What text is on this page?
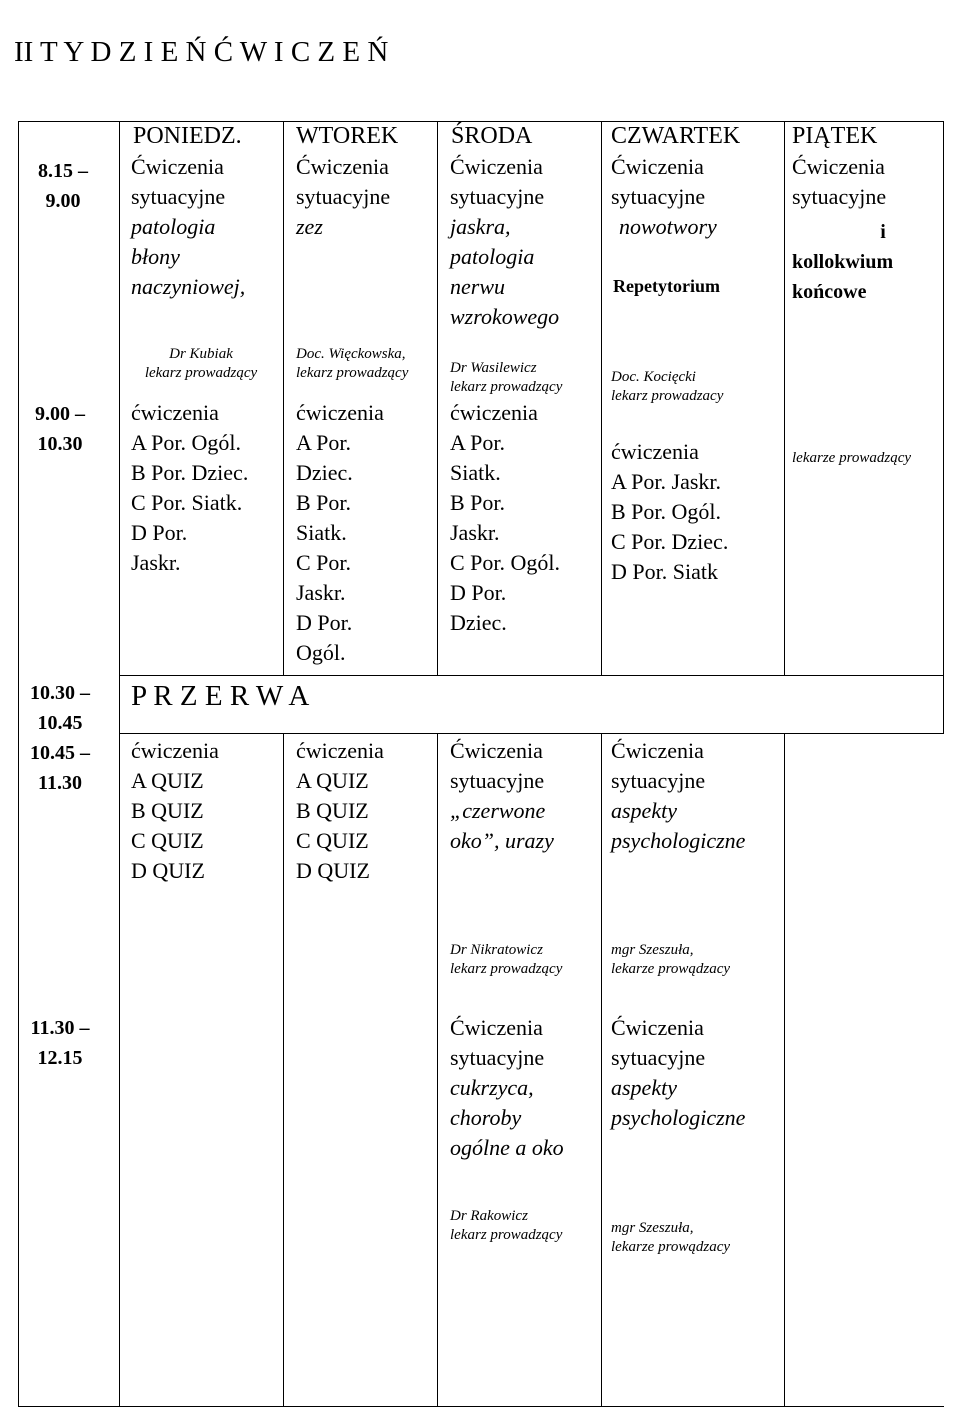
II T Y D Z I E Ń Ć W I C Z E Ń
PONIEDZ. WTOREK ŚRODA	CZWARTEK PIĄTEK
8.15 –
9.00
9.00 –
10.30
10.30 –
10.45
10.45 –
11.30
11.30 –
12.15
Ćwiczenia
sytuacyjne
patologia
błony
naczyniowej,
Dr Kubiak
lekarz prowadzący
Ćwiczenia
sytuacyjne
zez
Doc. Więckowska,
lekarz prowadzący
Ćwiczenia
sytuacyjne
jaskra,
patologia
nerwu
wzrokowego
Dr Wasilewicz
lekarz prowadzący
Ćwiczenia
sytuacyjne
nowotwory
Repetytorium
Doc. Kocięcki
lekarz prowadzacy
Ćwiczenia
sytuacyjne
i
kollokwium
końcowe
ćwiczenia
A Por. Ogól.
B Por. Dziec.
C Por. Siatk.
D Por.
Jaskr.
ćwiczenia
A Por.
Dziec.
B Por.
Siatk.
C Por.
Jaskr.
D Por.
Ogól.
ćwiczenia
A Por.
Siatk.
B Por.
Jaskr.
C Por. Ogól.
D Por.
Dziec.
ćwiczenia
A Por. Jaskr.
B Por. Ogól.
C Por. Dziec.
D Por. Siatk
lekarze prowadzący
P R Z E R W A
ćwiczenia
A QUIZ
B QUIZ
C QUIZ
D QUIZ
ćwiczenia
A QUIZ
B QUIZ
C QUIZ
D QUIZ
Ćwiczenia
sytuacyjne
„czerwone
oko”, urazy
Dr Nikratowicz
lekarz prowadzący
Ćwiczenia
sytuacyjne
aspekty
psychologiczne
mgr Szeszuła,
lekarze prowądzacy
Ćwiczenia
sytuacyjne
cukrzyca,
choroby
ogólne a oko
Dr Rakowicz
lekarz prowadzący
Ćwiczenia
sytuacyjne
aspekty
psychologiczne
mgr Szeszuła,
lekarze prowądzacy
